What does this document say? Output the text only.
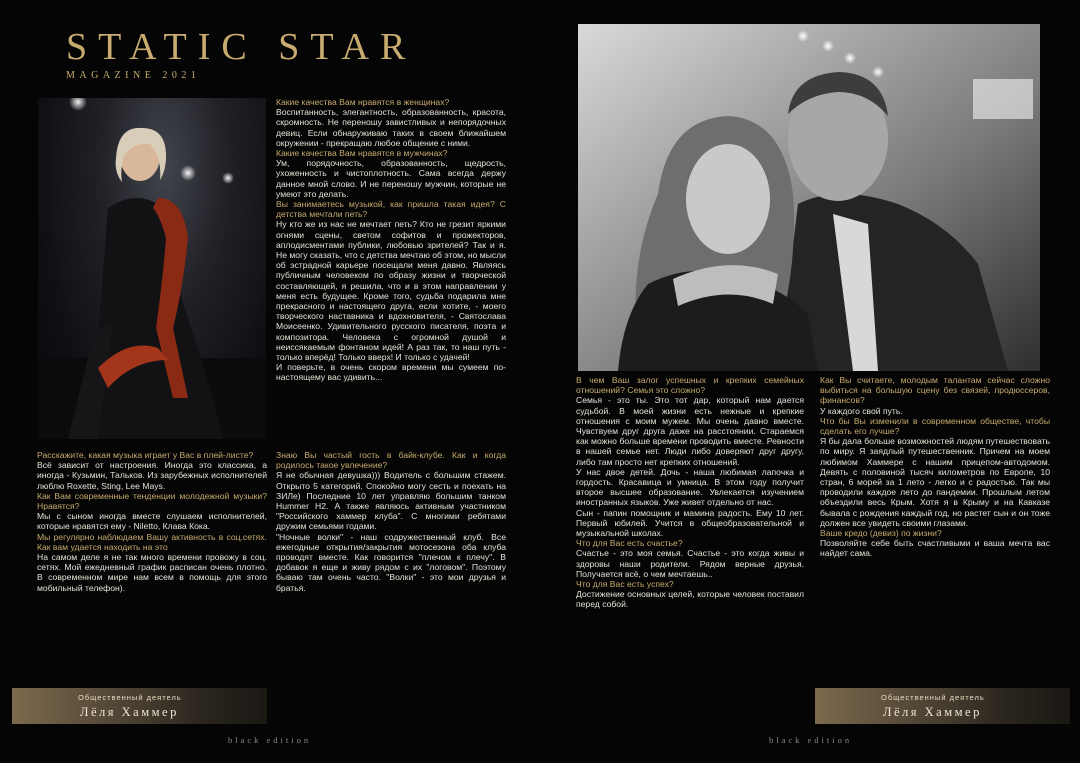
STATIC STAR
MAGAZINE 2021

Какие качества Вам нравятся в женщинах?

Воспитанность, элегантность, образованность, красота, скромность. Не переношу завистливых и непорядочных девиц. Если обнаруживаю таких в своем ближайшем окружении - прекращаю любое общение с ними.

Какие качества Вам нравятся в мужчинах?

Ум, порядочность, образованность, щедрость, ухоженность и чистоплотность. Сама всегда держу данное мной слово. И не переношу мужчин, которые не умеют это делать.

Вы занимаетесь музыкой, как пришла такая идея? С детства мечтали петь?

Ну кто же из нас не мечтает петь? Кто не грезит яркими огнями сцены, светом софитов и прожекторов, аплодисментами публики, любовью зрителей? Так и я. Не могу сказать, что с детства мечтаю об этом, но мысли об эстрадной карьере посещали меня давно. Являясь публичным человеком по образу жизни и творческой составляющей, я решила, что и в этом направлении у меня есть будущее. Кроме того, судьба подарила мне прекрасного и настоящего друга, если хотите, - моего творческого наставника и вдохновителя, - Святослава Моисеенко. Удивительного русского писателя, поэта и композитора. Человека с огромной душой и неиссякаемым фонтаном идей! А раз так, то наш путь - только вперёд! Только вверх! И только с удачей!

И поверьте, в очень скором времени мы сумеем по-настоящему вас удивить...

Расскажите, какая музыка играет у Вас в плей-листе?

Всё зависит от настроения. Иногда это классика, а иногда - Кузьмин, Тальков. Из зарубежных исполнителей люблю Roxette, Sting, Lee Mays.

Как Вам современные тенденции молодежной музыки? Нравятся?

Мы с сыном иногда вместе слушаем исполнителей, которые нравятся ему - Niletto, Клава Кока.

Мы регулярно наблюдаем Вашу активность в соц.сетях. Как вам удается находить на это

На самом деле я не так много времени провожу в соц. сетях. Мой ежедневный график расписан очень плотно. В современном мире нам всем в помощь для этого мобильный телефон).

Знаю Вы частый гость в байк-клубе. Как и когда родилось такое увлечение?

Я не обычная девушка))) Водитель с большим стажем. Открыто 5 категорий. Спокойно могу сесть и поехать на ЗИЛе) Последние 10 лет управляю большим танком Hummer H2. А также являюсь активным участником "Российского хаммер клуба". С многими ребятами дружим семьями годами.

"Ночные волки" - наш содружественный клуб. Все ежегодные открытия/закрытия мотосезона оба клуба проводят вместе. Как говорится "плечом к плечу". В добавок я еще и живу рядом с их "логовом". Поэтому бываю там очень часто. "Волки" - это мои друзья и братья.

Общественный деятель
Лёля Хаммер
black edition

В чем Ваш залог успешных и крепких семейных отношений? Семья это сложно?

Семья - это ты. Это тот дар, который нам дается судьбой. В моей жизни есть нежные и крепкие отношения с моим мужем. Мы очень давно вместе. Чувствуем друг друга даже на расстоянии. Стараемся как можно больше времени проводить вместе. Ревности в нашей семье нет. Люди либо доверяют друг другу, либо там просто нет крепких отношений.

У нас двое детей. Дочь - наша любимая лапочка и гордость. Красавица и умница. В этом году получит второе высшее образование. Увлекается изучением иностранных языков. Уже живет отдельно от нас.

Сын - папин помощник и мамина радость. Ему 10 лет. Первый юбилей. Учится в общеобразовательной и музыкальной школах.

Что для Вас есть счастье?

Счастье - это моя семья. Счастье - это когда живы и здоровы наши родители. Рядом верные друзья. Получается всё, о чем мечтаешь..

Что для Вас есть успех?

Достижение основных целей, которые человек поставил перед собой.

Как Вы считаете, молодым талантам сейчас сложно выбиться на большую сцену без связей, продюссеров, финансов?

У каждого свой путь.

Что бы Вы изменили в современном обществе, чтобы сделать его лучше?

Я бы дала больше возможностей людям путешествовать по миру. Я заядлый путешественник. Причем на моем любимом Хаммере с нашим прицепом-автодомом. Девять с половиной тысяч километров по Европе, 10 стран, 6 морей за 1 лето - легко и с радостью. Так мы проводили каждое лето до пандемии. Прошлым летом объездили весь Крым. Хотя я в Крыму и на Кавказе бывала с рождения каждый год, но растет сын и он тоже должен все увидеть своими глазами.

Ваше кредо (девиз) по жизни?

Позволяйте себе быть счастливыми и ваша мечта вас найдет сама.

Общественный деятель
Лёля Хаммер
black edition
